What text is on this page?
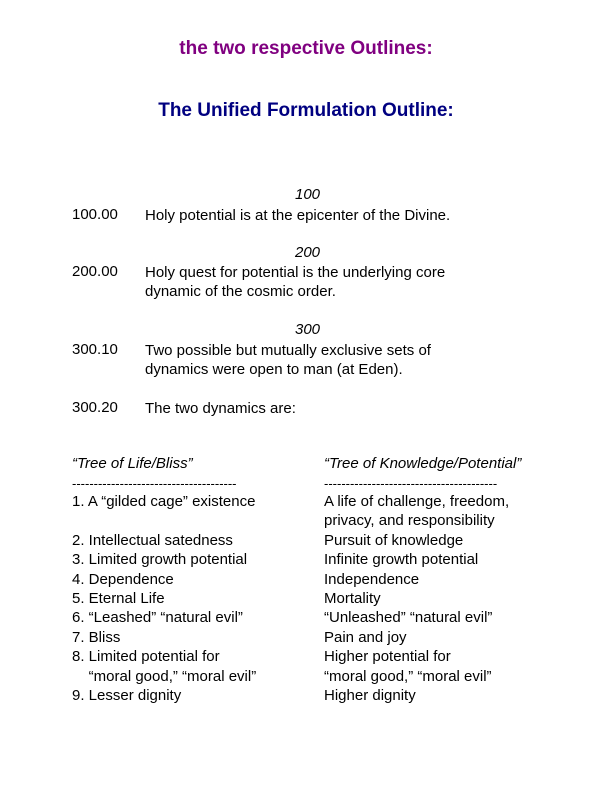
the two respective Outlines:
The Unified Formulation Outline:
100
100.00 Holy potential is at the epicenter of the Divine.
200
200.00 Holy quest for potential is the underlying core
dynamic of the cosmic order.
300
300.10 Two possible but mutually exclusive sets of
dynamics were open to man (at Eden).
300.20 The two dynamics are:
“Tree of Life/Bliss”
--------------------------------------
1. A “gilded cage” existence
2. Intellectual satedness
3. Limited growth potential
4. Dependence
5. Eternal Life
6. “Leashed” “natural evil”
7. Bliss
8. Limited potential for
“moral good,” “moral evil”
9. Lesser dignity
“Tree of Knowledge/Potential”
----------------------------------------
A life of challenge, freedom,
privacy, and responsibility
Pursuit of knowledge
Infinite growth potential
Independence
Mortality
“Unleashed” “natural evil”
Pain and joy
Higher potential for
“moral good,” “moral evil”
Higher dignity
